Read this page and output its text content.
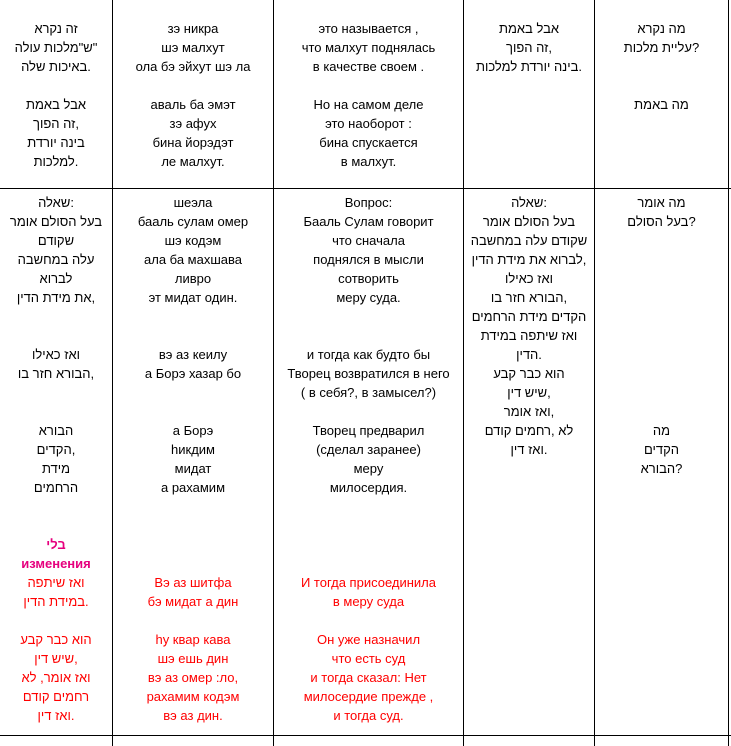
זה נקרא
"ש"מלכות עולה
.באיכות שלה
אבל באמת
,זה הפוך
בינה יורדת
.למלכות
зэ никра
шэ малхут
ола бэ эйхут шэ ла
аваль ба эмэт
зэ афух
бина йорэдэт
ле малхут.
это называется ,
что малхут поднялась
в качестве своем .
Но на самом деле
это наоборот :
бина спускается
в малхут.
אבל באמת
,זה הפוך
.בינה יורדת למלכות
מה נקרא
?עליית מלכות
מה באמת
:שאלה
בעל הסולם אומר
שקודם
עלה במחשבה
לברוא
,את מידת הדין
ואז כאילו
,הבורא חזר בו
הבורא
,הקדים
מידת
הרחמים
בלי
изменения
ואז שיתפה
.במידת הדין
הוא כבר קבע
,שיש דין
ואז אומר, לא
רחמים קודם
.ואז דין
шеэла
бааль сулам омер
шэ кодэм
ала ба махшава
ливро
эт мидат один.
вэ аз кеилу
а Борэ хазар бо
а Борэ
hикдим
мидат
а рахамим
Вэ аз шитфа
бэ мидат а дин
hу квар кава
шэ ешь дин
вэ аз омер :ло,
рахамим кодэм
вэ аз дин.
Вопрос:
Бааль Сулам говорит
что сначала
поднялся в мысли
сотворить
меру суда.
и тогда как будто бы
Творец возвратился в него
( в себя?, в замысел?)
Творец предварил
(сделал заранее)
меру
милосердия.
И тогда присоединила
в меру суда
Он уже назначил
что есть суд
и тогда сказал: Нет
милосердие прежде ,
и тогда суд.
:שאלה
בעל הסולם אומר
שקודם עלה במחשבה
,לברוא את מידת הדין
ואז כאילו
,הבורא חזר בו
הקדים מידת הרחמים
ואז שיתפה במידת
.הדין
הוא כבר קבע
,שיש דין
,ואז אומר
לא ,רחמים קודם
.ואז דין
מה אומר
?בעל הסולם
מה
הקדים
?הבורא
